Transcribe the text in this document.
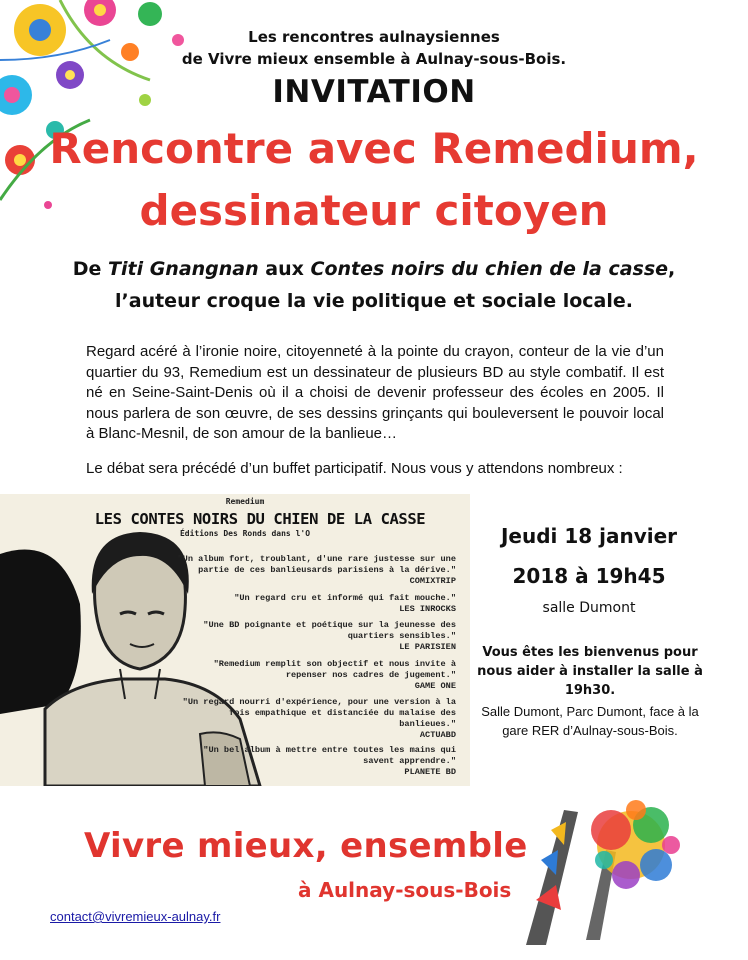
Les rencontres aulnaysiennes
de Vivre mieux ensemble à Aulnay-sous-Bois.
INVITATION
Rencontre avec Remedium,
dessinateur citoyen
De Titi Gnangnan aux Contes noirs du chien de la casse,
l’auteur croque la vie politique et sociale locale.
Regard acéré à l’ironie noire, citoyenneté à la pointe du crayon, conteur de la vie d’un quartier du 93, Remedium est un dessinateur de plusieurs BD au style combatif. Il est né en Seine-Saint-Denis où il a choisi de devenir professeur des écoles en 2005. Il nous parlera de son œuvre, de ses dessins grinçants qui bouleversent le pouvoir local à Blanc-Mesnil, de son amour de la banlieue…
Le débat sera précédé d’un buffet participatif. Nous vous y attendons nombreux :
Remedium
LES CONTES NOIRS DU CHIEN DE LA CASSE
Éditions Des Ronds dans l'O
"Un album fort, troublant, d'une rare justesse sur une partie de ces banlieusards parisiens à la dérive."
COMIXTRIP
"Un regard cru et informé qui fait mouche."
LES INROCKS
"Une BD poignante et poétique sur la jeunesse des quartiers sensibles."
LE PARISIEN
"Remedium remplit son objectif et nous invite à repenser nos cadres de jugement."
GAME ONE
"Un regard nourri d'expérience, pour une version à la fois empathique et distanciée du malaise des banlieues."
ACTUABD
"Un bel album à mettre entre toutes les mains qui savent apprendre."
PLANETE BD
Jeudi 18 janvier
2018 à 19h45
salle Dumont
Vous êtes les bienvenus pour nous aider à installer la salle à 19h30.
Salle Dumont, Parc Dumont, face à la gare RER d’Aulnay-sous-Bois.
Vivre mieux, ensemble
à Aulnay-sous-Bois
contact@vivremieux-aulnay.fr
